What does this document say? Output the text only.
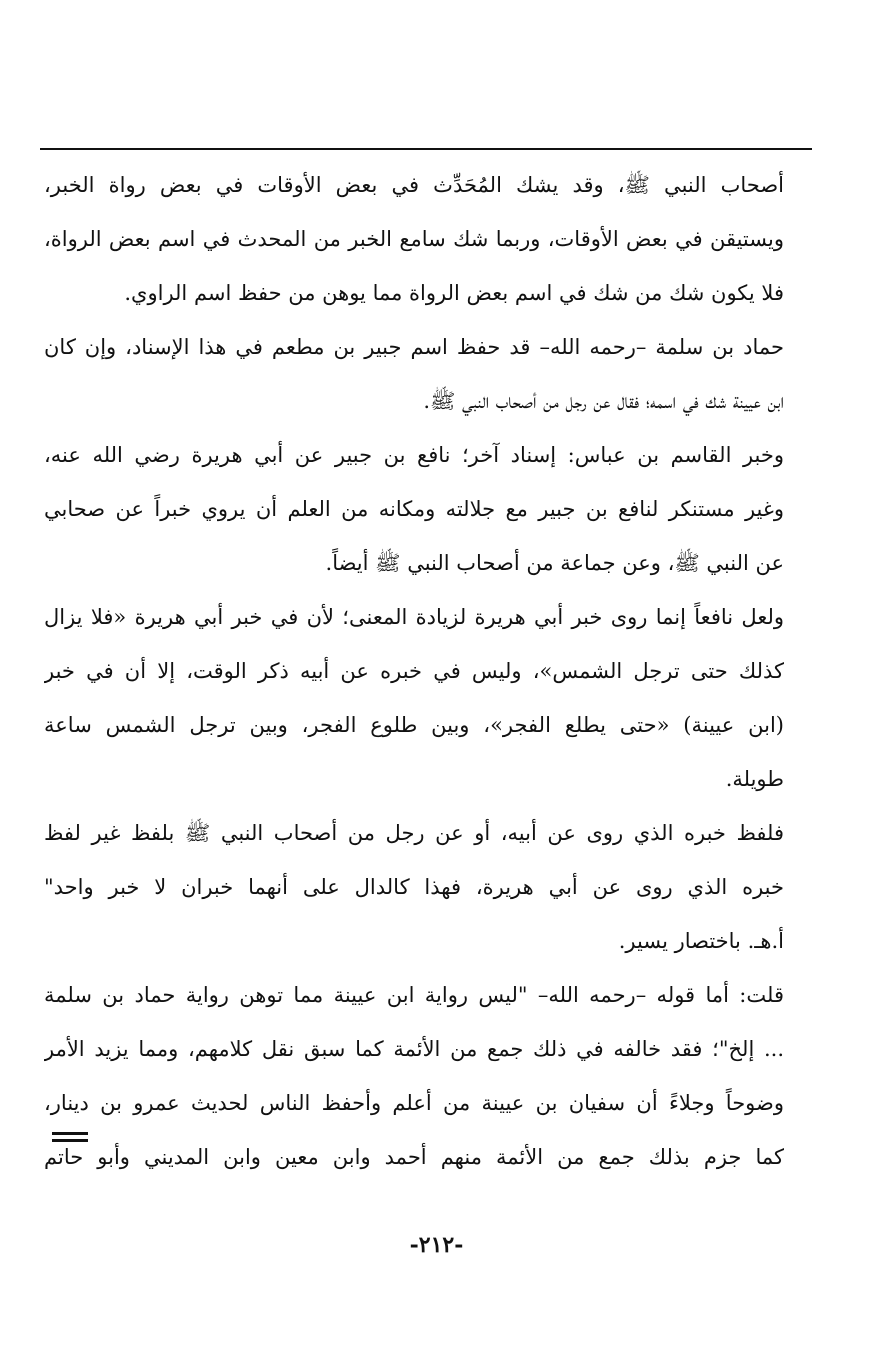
أصحاب النبي ﷺ، وقد يشك المُحَدِّث في بعض الأوقات في بعض رواة الخبر،
ويستيقن في بعض الأوقات، وربما شك سامع الخبر من المحدث في اسم بعض الرواة،
فلا يكون شك من شك في اسم بعض الرواة مما يوهن من حفظ اسم الراوي.
حماد بن سلمة –رحمه الله– قد حفظ اسم جبير بن مطعم في هذا الإسناد، وإن كان
ابن عيينة شك في اسمه؛ فقال عن رجل من أصحاب النبي ﷺ.
وخبر القاسم بن عباس: إسناد آخر؛ نافع بن جبير عن أبي هريرة رضي الله عنه،
وغير مستنكر لنافع بن جبير مع جلالته ومكانه من العلم أن يروي خبراً عن صحابي
عن النبي ﷺ، وعن جماعة من أصحاب النبي ﷺ أيضاً.
ولعل نافعاً إنما روى خبر أبي هريرة لزيادة المعنى؛ لأن في خبر أبي هريرة «فلا يزال
كذلك حتى ترجل الشمس»، وليس في خبره عن أبيه ذكر الوقت، إلا أن في خبر
(ابن عيينة) «حتى يطلع الفجر»، وبين طلوع الفجر، وبين ترجل الشمس ساعة
طويلة.
فلفظ خبره الذي روى عن أبيه، أو عن رجل من أصحاب النبي ﷺ بلفظ غير لفظ
خبره الذي روى عن أبي هريرة، فهذا كالدال على أنهما خبران لا خبر واحد"
أ.هـ. باختصار يسير.
قلت: أما قوله –رحمه الله– "ليس رواية ابن عيينة مما توهن رواية حماد بن سلمة
... إلخ"؛ فقد خالفه في ذلك جمع من الأئمة كما سبق نقل كلامهم، ومما يزيد الأمر
وضوحاً وجلاءً أن سفيان بن عيينة من أعلم وأحفظ الناس لحديث عمرو بن دينار،
كما جزم بذلك جمع من الأئمة منهم أحمد وابن معين وابن المديني وأبو حاتم
-٢١٢-
